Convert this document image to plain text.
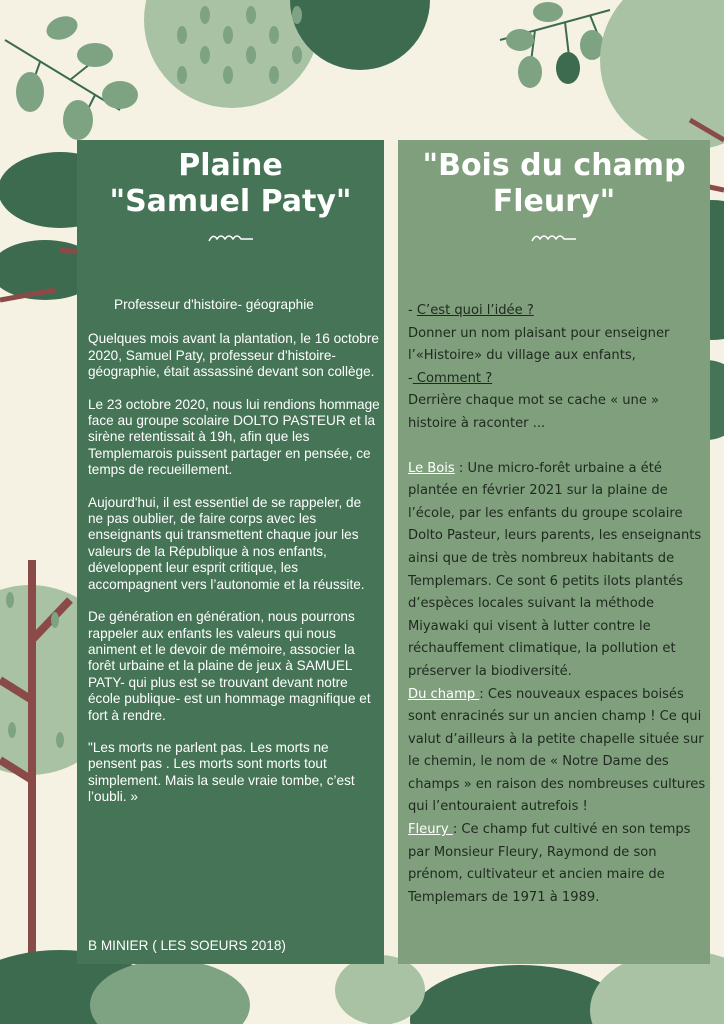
Plaine
"Samuel Paty"

Professeur d'histoire- géographie

Quelques mois avant la plantation, le 16 octobre 2020, Samuel Paty, professeur d'histoire-géographie, était assassiné devant son collège.

Le 23 octobre 2020, nous lui rendions hommage face au groupe scolaire DOLTO PASTEUR et la sirène retentissait à 19h, afin que les Templemarois puissent partager en pensée, ce temps de recueillement.

Aujourd'hui, il est essentiel de se rappeler, de ne pas oublier, de faire corps avec les enseignants qui transmettent chaque jour les valeurs de la République à nos enfants, développent leur esprit critique, les accompagnent vers l’autonomie et la réussite.

De génération en génération, nous pourrons rappeler aux enfants les valeurs qui nous animent et le devoir de mémoire, associer la forêt urbaine et la plaine de jeux à SAMUEL PATY- qui plus est se trouvant devant notre école publique- est un hommage magnifique et fort à rendre.

"Les morts ne parlent pas. Les morts ne pensent pas . Les morts sont morts tout simplement. Mais la seule vraie tombe, c’est l’oubli. »

B MINIER ( LES SOEURS 2018)
"Bois du champ
Fleury"

- C’est quoi l’idée ?

Donner un nom plaisant pour enseigner l’«Histoire» du village aux enfants,

- Comment ?

Derrière chaque mot se cache « une » histoire à raconter ...

Le Bois : Une micro-forêt urbaine a été plantée en février 2021 sur la plaine de l’école, par les enfants du groupe scolaire Dolto Pasteur, leurs parents, les enseignants ainsi que de très nombreux habitants de Templemars. Ce sont 6 petits ilots plantés d’espèces locales suivant la méthode Miyawaki qui visent à lutter contre le réchauffement climatique, la pollution et préserver la biodiversité.

Du champ : Ces nouveaux espaces boisés sont enracinés sur un ancien champ ! Ce qui valut d’ailleurs à la petite chapelle située sur le chemin, le nom de « Notre Dame des champs » en raison des nombreuses cultures qui l’entouraient autrefois !

Fleury : Ce champ fut cultivé en son temps par Monsieur Fleury, Raymond de son prénom, cultivateur et ancien maire de Templemars de 1971 à 1989.
